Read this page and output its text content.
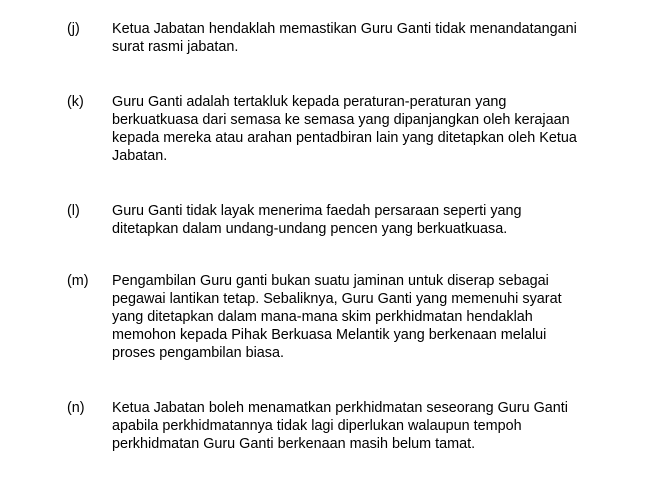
(j) Ketua Jabatan hendaklah memastikan Guru Ganti tidak menandatangani
surat rasmi jabatan.
(k) Guru Ganti adalah tertakluk kepada peraturan-peraturan yang
berkuatkuasa dari semasa ke semasa yang dipanjangkan oleh kerajaan
kepada mereka atau arahan pentadbiran lain yang ditetapkan oleh Ketua
Jabatan.
(l) Guru Ganti tidak layak menerima faedah persaraan seperti yang
ditetapkan dalam undang-undang pencen yang berkuatkuasa.
(m) Pengambilan Guru ganti bukan suatu jaminan untuk diserap sebagai
pegawai lantikan tetap. Sebaliknya, Guru Ganti yang memenuhi syarat
yang ditetapkan dalam mana-mana skim perkhidmatan hendaklah
memohon kepada Pihak Berkuasa Melantik yang berkenaan melalui
proses pengambilan biasa.
(n) Ketua Jabatan boleh menamatkan perkhidmatan seseorang Guru Ganti
apabila perkhidmatannya tidak lagi diperlukan walaupun tempoh
perkhidmatan Guru Ganti berkenaan masih belum tamat.
